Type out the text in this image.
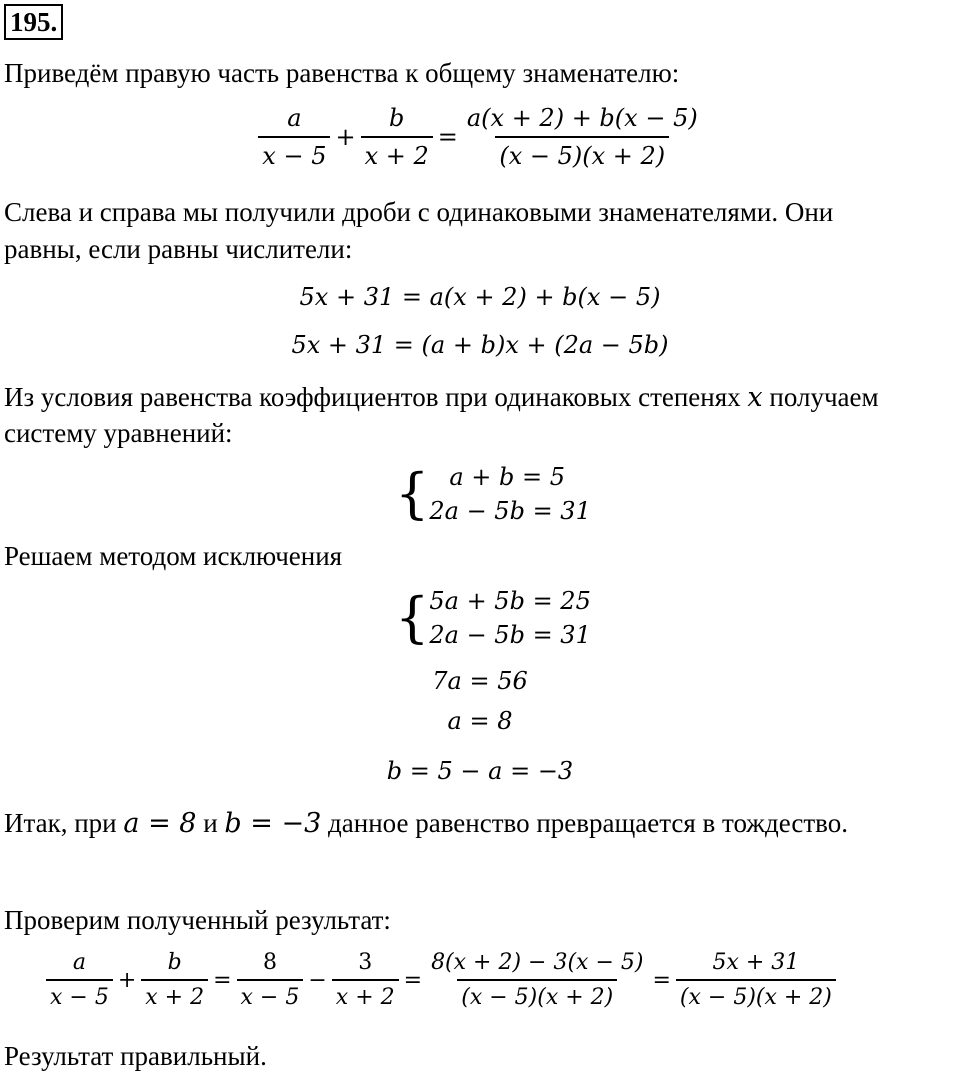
195.
Приведём правую часть равенства к общему знаменателю:
$\frac{a}{x - 5} + \frac{b}{x + 2} = \frac{a(x + 2) + b(x - 5)}{(x - 5)(x + 2)}$
Слева и справа мы получили дроби с одинаковыми знаменателями. Они
равны, если равны числители:
5x + 31 = a(x + 2) + b(x − 5)
5x + 31 = (a + b)x + (2a − 5b)
Из условия равенства коэффициентов при одинаковых степенях x получаем
систему уравнений:
{ a + b = 5
2a − 5b = 31
Решаем методом исключения
{ 5a + 5b = 25
2a − 5b = 31
7a = 56
a = 8
b = 5 − a = −3
Итак, при a = 8 и b = −3 данное равенство превращается в тождество.
Проверим полученный результат:
$\frac{a}{x - 5} + \frac{b}{x + 2} = \frac{8}{x - 5} - \frac{3}{x + 2} = \frac{8(x + 2) - 3(x - 5)}{(x - 5)(x + 2)} = \frac{5x + 31}{(x - 5)(x + 2)}$
Результат правильный.
